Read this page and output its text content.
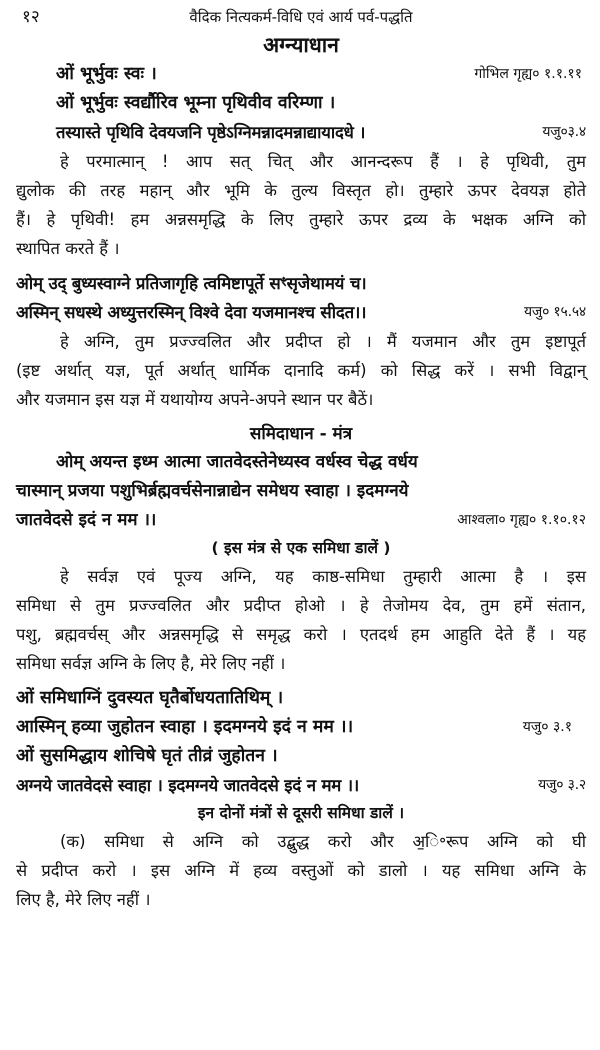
१२	वैदिक नित्यकर्म-विधि एवं आर्य पर्व-पद्धति
अग्न्याधान
ओं भूर्भुवः स्वः ।	गोभिल गृह्य० १.१.११
ओं भूर्भुवः स्वर्द्यौरिव भूम्ना पृथिवीव वरिम्णा ।
तस्यास्ते पृथिवि देवयजनि पृष्ठेऽग्निमन्नादमन्नाद्यायादधे ।	यजु०३.४
हे परमात्मान् ! आप सत् चित् और आनन्दरूप हैं । हे पृथिवी, तुम
द्युलोक की तरह महान् और भूमि के तुल्य विस्तृत हो। तुम्हारे ऊपर देवयज्ञ होते
हैं। हे पृथिवी! हम अन्नसमृद्धि के लिए तुम्हारे ऊपर द्रव्य के भक्षक अग्नि को
स्थापित करते हैं ।
ओम् उद् बुध्यस्वाग्ने प्रतिजागृहि त्वमिष्टापूर्ते सꣳसृजेथामयं च।
अस्मिन् सधस्थे अध्युत्तरस्मिन् विश्वे देवा यजमानश्च सीदत।।	यजु० १५.५४
हे अग्नि, तुम प्रज्ज्वलित और प्रदीप्त हो । मैं यजमान और तुम इष्टापूर्त
(इष्ट अर्थात् यज्ञ, पूर्त अर्थात् धार्मिक दानादि कर्म) को सिद्ध करें । सभी विद्वान्
और यजमान इस यज्ञ में यथायोग्य अपने-अपने स्थान पर बैठें।
समिदाधान - मंत्र
ओम् अयन्त इध्म आत्मा जातवेदस्तेनेध्यस्व वर्धस्व चेद्ध वर्धय
चास्मान् प्रजया पशुभिर्ब्रह्मवर्चसेनान्नाद्येन समेधय स्वाहा । इदमग्नये
जातवेदसे इदं न मम ।।	आश्वला० गृह्य० १.१०.१२
( इस मंत्र से एक समिधा डालें )
हे सर्वज्ञ एवं पूज्य अग्नि, यह काष्ठ-समिधा तुम्हारी आत्मा है । इस
समिधा से तुम प्रज्ज्वलित और प्रदीप्त होओ । हे तेजोमय देव, तुम हमें संतान,
पशु, ब्रह्मवर्चस् और अन्नसमृद्धि से समृद्ध करो । एतदर्थ हम आहुति देते हैं । यह
समिधा सर्वज्ञ अग्नि के लिए है, मेरे लिए नहीं ।
ओं समिधाग्निं दुवस्यत घृतैर्बोधयतातिथिम् ।
आस्मिन् हव्या जुहोतन स्वाहा । इदमग्नये इदं न मम ।।	यजु० ३.१
ओं सुसमिद्धाय शोचिषे घृतं तीव्रं जुहोतन ।
अग्नये जातवेदसे स्वाहा । इदमग्नये जातवेदसे इदं न मम ।।	यजु० ३.२
इन दोनों मंत्रों से दूसरी समिधा डालें ।
(क) समिधा से अग्नि को उद्बुद्ध करो और अ॒ि॰रूप अग्नि को घी
से प्रदीप्त करो । इस अग्नि में हव्य वस्तुओं को डालो । यह समिधा अग्नि के
लिए है, मेरे लिए नहीं ।
